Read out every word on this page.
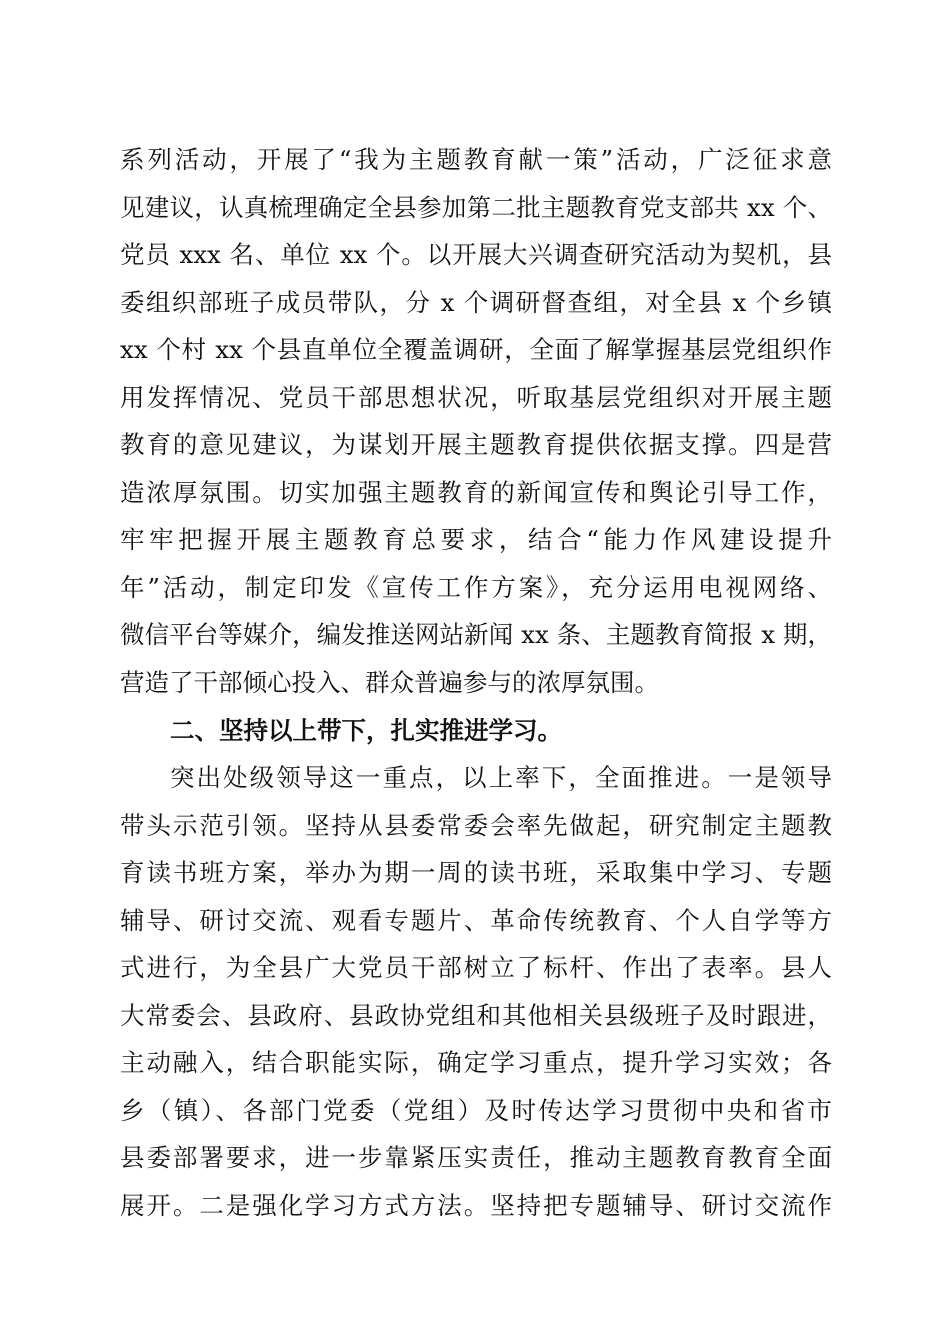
系列活动，开展了“我为主题教育献一策”活动，广泛征求意
见建议，认真梳理确定全县参加第二批主题教育党支部共 xx 个、
党员 xxx 名、单位 xx 个。以开展大兴调查研究活动为契机，县
委组织部班子成员带队，分 x 个调研督查组，对全县 x 个乡镇
xx 个村 xx 个县直单位全覆盖调研，全面了解掌握基层党组织作
用发挥情况、党员干部思想状况，听取基层党组织对开展主题
教育的意见建议，为谋划开展主题教育提供依据支撑。四是营
造浓厚氛围。切实加强主题教育的新闻宣传和舆论引导工作，
牢牢把握开展主题教育总要求，结合“能力作风建设提升
年”活动，制定印发《宣传工作方案》，充分运用电视网络、
微信平台等媒介，编发推送网站新闻 xx 条、主题教育简报 x 期，
营造了干部倾心投入、群众普遍参与的浓厚氛围。
二、坚持以上带下，扎实推进学习。
突出处级领导这一重点，以上率下，全面推进。一是领导
带头示范引领。坚持从县委常委会率先做起，研究制定主题教
育读书班方案，举办为期一周的读书班，采取集中学习、专题
辅导、研讨交流、观看专题片、革命传统教育、个人自学等方
式进行，为全县广大党员干部树立了标杆、作出了表率。县人
大常委会、县政府、县政协党组和其他相关县级班子及时跟进，
主动融入，结合职能实际，确定学习重点，提升学习实效；各
乡（镇）、各部门党委（党组）及时传达学习贯彻中央和省市
县委部署要求，进一步靠紧压实责任，推动主题教育教育全面
展开。二是强化学习方式方法。坚持把专题辅导、研讨交流作
